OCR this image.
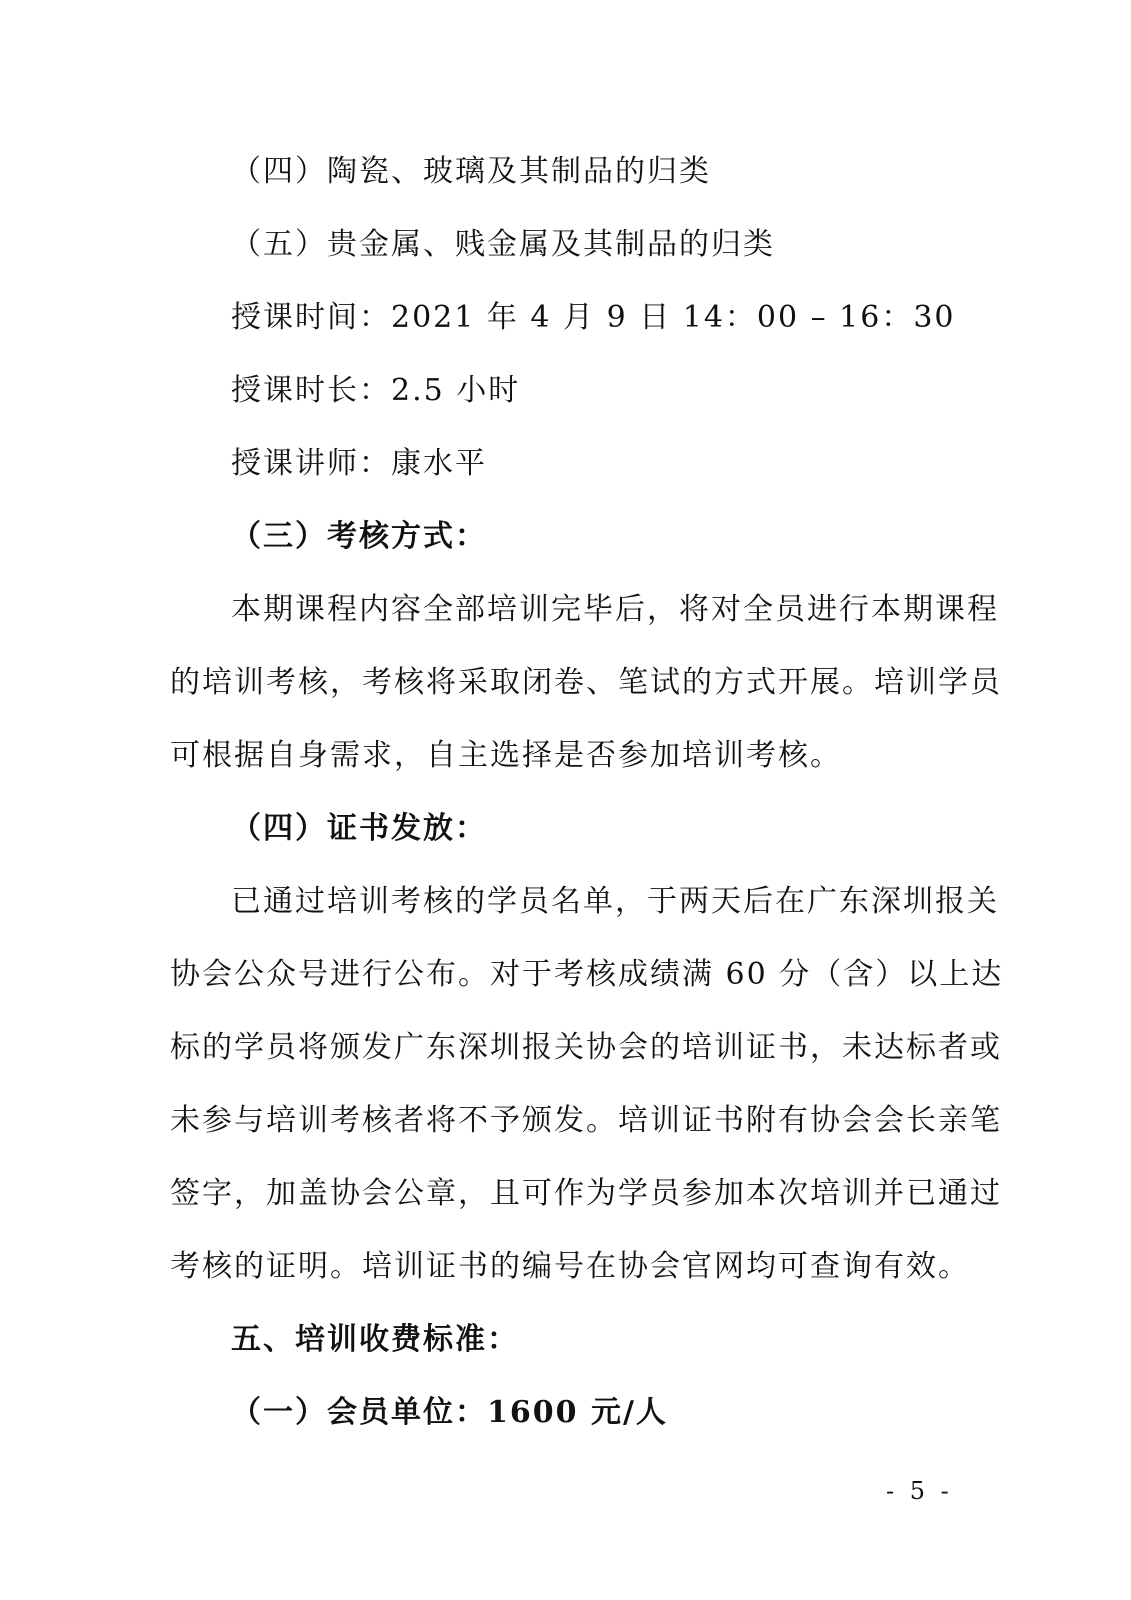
（四）陶瓷、玻璃及其制品的归类
（五）贵金属、贱金属及其制品的归类
授课时间：2021 年 4 月 9 日 14：00 – 16：30
授课时长：2.5 小时
授课讲师：康水平
（三）考核方式：
本期课程内容全部培训完毕后，将对全员进行本期课程
的培训考核，考核将采取闭卷、笔试的方式开展。培训学员
可根据自身需求，自主选择是否参加培训考核。
（四）证书发放：
已通过培训考核的学员名单，于两天后在广东深圳报关
协会公众号进行公布。对于考核成绩满 60 分（含）以上达
标的学员将颁发广东深圳报关协会的培训证书，未达标者或
未参与培训考核者将不予颁发。培训证书附有协会会长亲笔
签字，加盖协会公章，且可作为学员参加本次培训并已通过
考核的证明。培训证书的编号在协会官网均可查询有效。
五、培训收费标准：
（一）会员单位：1600 元/人
- 5 -
